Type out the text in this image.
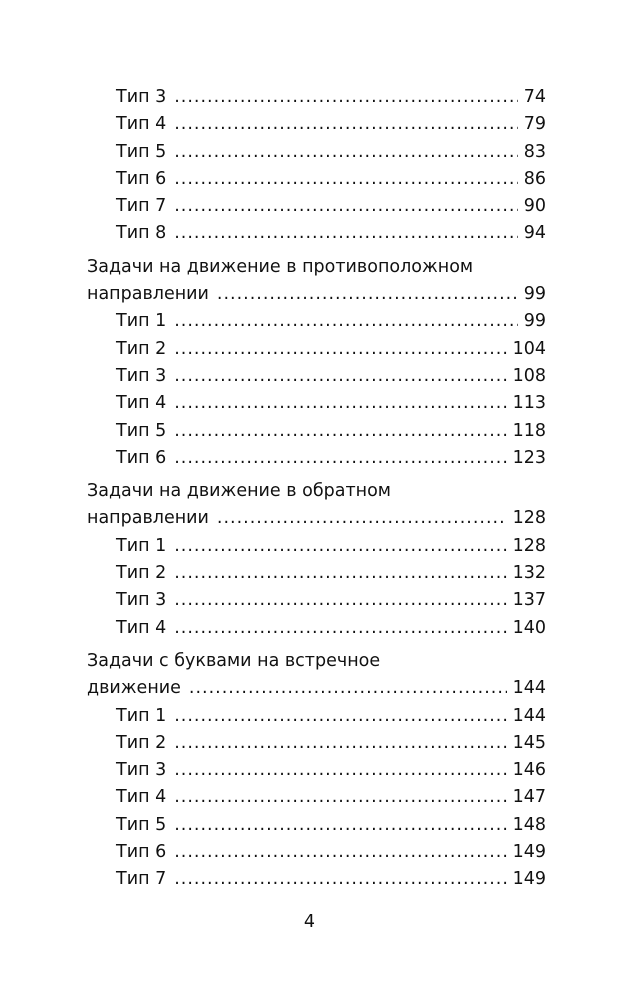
Тип 3 .....	74
Тип 4 .....	79
Тип 5 .....	83
Тип 6 .....	86
Тип 7 .....	90
Тип 8 .....	94
Задачи на движение в противоположном
направлении .....	99
Тип 1 .....	99
Тип 2 .....	104
Тип 3 .....	108
Тип 4 .....	113
Тип 5 .....	118
Тип 6 .....	123
Задачи на движение в обратном
направлении .....	128
Тип 1 .....	128
Тип 2 .....	132
Тип 3 .....	137
Тип 4 .....	140
Задачи с буквами на встречное
движение .....	144
Тип 1 .....	144
Тип 2 .....	145
Тип 3 .....	146
Тип 4 .....	147
Тип 5 .....	148
Тип 6 .....	149
Тип 7 .....	149
4
